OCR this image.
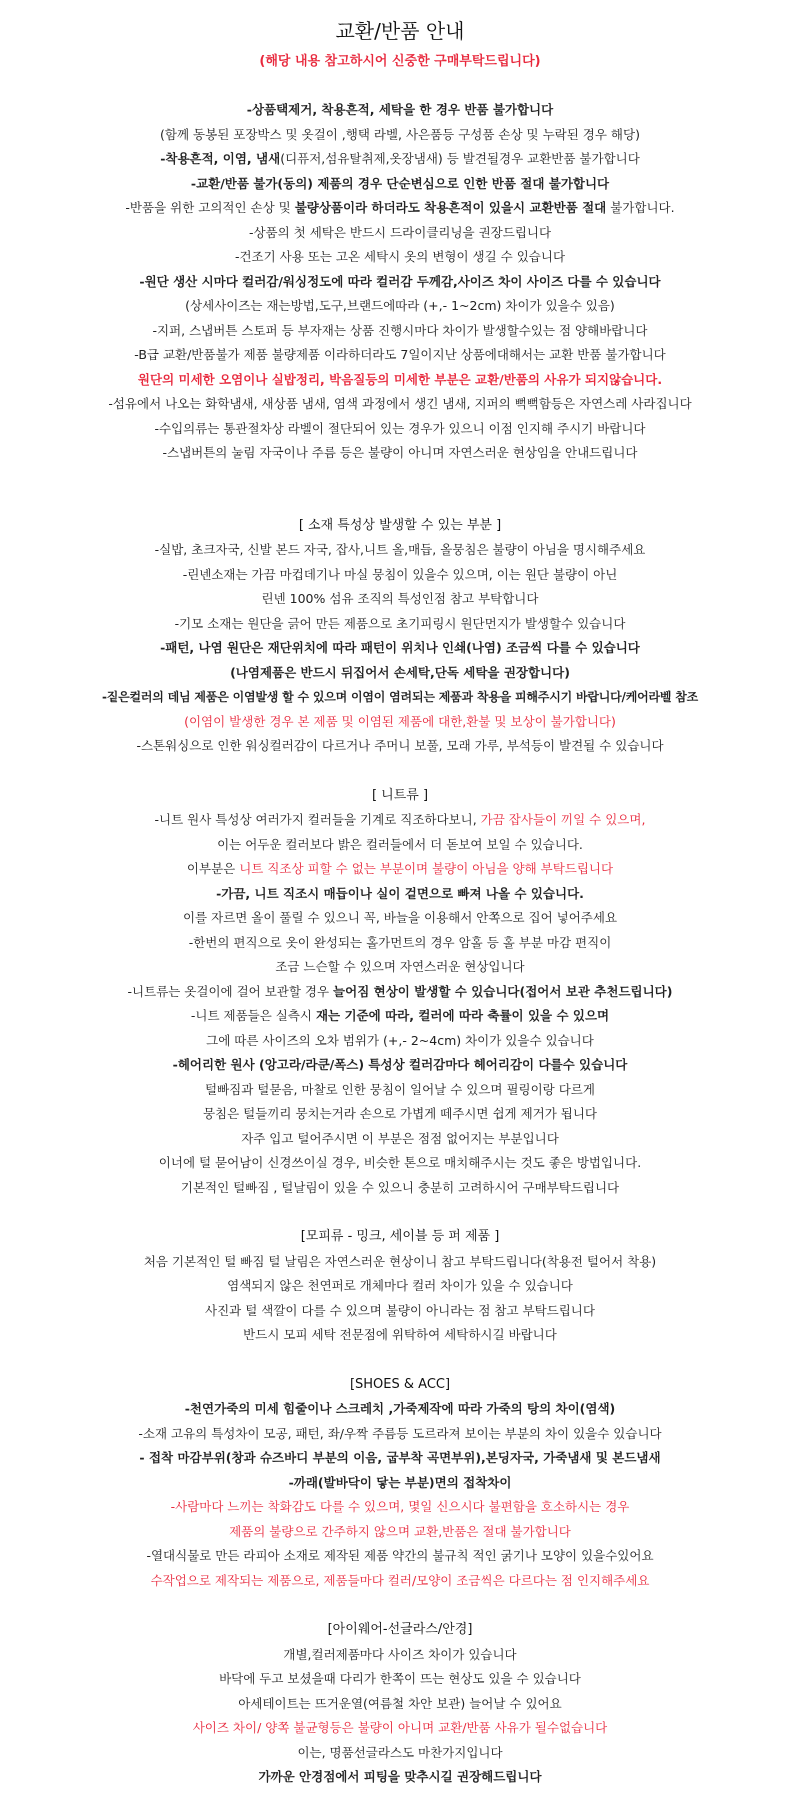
교환/반품 안내
(해당 내용 참고하시어 신중한 구매부탁드립니다)
-상품택제거, 착용흔적, 세탁을 한 경우 반품 불가합니다
(함께 동봉된 포장박스 및 옷걸이 ,행택 라벨, 사은품등 구성품 손상 및 누락된 경우 해당)
-착용흔적, 이염, 냄새(디퓨저,섬유탈취제,옷장냄새) 등 발견될경우 교환반품 불가합니다
-교환/반품 불가(동의) 제품의 경우 단순변심으로 인한 반품 절대 불가합니다
-반품을 위한 고의적인 손상 및 불량상품이라 하더라도 착용흔적이 있을시 교환반품 절대 불가합니다.
-상품의 첫 세탁은 반드시 드라이클리닝을 권장드립니다
-건조기 사용 또는 고온 세탁시 옷의 변형이 생길 수 있습니다
-원단 생산 시마다 컬러감/워싱정도에 따라 컬러감 두께감,사이즈 차이 사이즈 다를 수 있습니다
(상세사이즈는 재는방법,도구,브랜드에따라 (+,- 1~2cm) 차이가 있을수 있음)
-지퍼, 스냅버튼 스토퍼 등 부자재는 상품 진행시마다 차이가 발생할수있는 점 양해바랍니다
-B급 교환/반품불가 제품 불량제품 이라하더라도 7일이지난 상품에대해서는 교환 반품 불가합니다
원단의 미세한 오염이나 실밥정리, 박음질등의 미세한 부분은 교환/반품의 사유가 되지않습니다.
-섬유에서 나오는 화학냄새, 새상품 냄새, 염색 과정에서 생긴 냄새, 지퍼의 뻑뻑함등은 자연스레 사라집니다
-수입의류는 통관절차상 라벨이 절단되어 있는 경우가 있으니 이점 인지해 주시기 바랍니다
-스냅버튼의 눌림 자국이나 주름 등은 불량이 아니며 자연스러운 현상임을 안내드립니다
[ 소재 특성상 발생할 수 있는 부분 ]
-실밥, 초크자국, 신발 본드 자국, 잡사,니트 올,매듭, 올뭉침은 불량이 아님을 명시해주세요
-린넨소재는 가끔 마컵데기나 마실 뭉침이 있을수 있으며, 이는 원단 불량이 아닌
린넨 100% 섬유 조직의 특성인점 참고 부탁합니다
-기모 소재는 원단을 긁어 만든 제품으로 초기피링시 원단먼지가 발생할수 있습니다
-패턴, 나염 원단은 재단위치에 따라 패턴이 위치나 인쇄(나염) 조금씩 다를 수 있습니다
(나염제품은 반드시 뒤집어서 손세탁,단독 세탁을 권장합니다)
-짙은컬러의 데님 제품은 이염발생 할 수 있으며 이염이 염려되는 제품과 착용을 피해주시기 바랍니다/케어라벨 참조
(이염이 발생한 경우 본 제품 및 이염된 제품에 대한,환불 및 보상이 불가합니다)
-스톤워싱으로 인한 워싱컬러감이 다르거나 주머니 보풀, 모래 가루, 부석등이 발견될 수 있습니다
[ 니트류 ]
-니트 원사 특성상 여러가지 컬러들을 기계로 직조하다보니, 가끔 잡사들이 끼일 수 있으며,
이는 어두운 컬러보다 밝은 컬러들에서 더 돋보여 보일 수 있습니다.
이부분은 니트 직조상 피할 수 없는 부분이며 불량이 아님을 양해 부탁드립니다
-가끔, 니트 직조시 매듭이나 실이 겉면으로 빠져 나올 수 있습니다.
이를 자르면 올이 풀릴 수 있으니 꼭, 바늘을 이용해서 안쪽으로 집어 넣어주세요
-한번의 편직으로 옷이 완성되는 홀가먼트의 경우 암홀 등 홀 부분 마감 편직이
조금 느슨할 수 있으며 자연스러운 현상입니다
-니트류는 옷걸이에 걸어 보관할 경우 늘어짐 현상이 발생할 수 있습니다(접어서 보관 추천드립니다)
-니트 제품들은 실측시 재는 기준에 따라, 컬러에 따라 축률이 있을 수 있으며
그에 따른 사이즈의 오차 범위가 (+,- 2~4cm) 차이가 있을수 있습니다
-헤어리한 원사 (앙고라/라쿤/폭스) 특성상 컬러감마다 헤어리감이 다를수 있습니다
털빠짐과 털묻음, 마찰로 인한 뭉침이 일어날 수 있으며 필링이랑 다르게
뭉침은 털들끼리 뭉치는거라 손으로 가볍게 떼주시면 쉽게 제거가 됩니다
자주 입고 털어주시면 이 부분은 점점 없어지는 부분입니다
이너에 털 묻어남이 신경쓰이실 경우, 비슷한 톤으로 매치해주시는 것도 좋은 방법입니다.
기본적인 털빠짐 , 털날림이 있을 수 있으니 충분히 고려하시어 구매부탁드립니다
[모피류 - 밍크, 세이블 등 퍼 제품 ]
처음 기본적인 털 빠짐 털 날림은 자연스러운 현상이니 참고 부탁드립니다(착용전 털어서 착용)
염색되지 않은 천연퍼로 개체마다 컬러 차이가 있을 수 있습니다
사진과 털 색깔이 다를 수 있으며 불량이 아니라는 점 참고 부탁드립니다
반드시 모피 세탁 전문점에 위탁하여 세탁하시길 바랍니다
[SHOES & ACC]
-천연가죽의 미세 힘줄이나 스크레치 ,가죽제작에 따라 가죽의 탕의 차이(염색)
-소재 고유의 특성차이 모공, 패턴, 좌/우짝 주름등 도르라져 보이는 부분의 차이 있을수 있습니다
- 접착 마감부위(창과 슈즈바디 부분의 이음, 굽부착 곡면부위),본딩자국, 가죽냄새 및 본드냄새
-까래(발바닥이 닿는 부분)면의 접착차이
-사람마다 느끼는 착화감도 다를 수 있으며, 몇일 신으시다 불편함을 호소하시는 경우
제품의 불량으로 간주하지 않으며 교환,반품은 절대 불가합니다
-열대식물로 만든 라피아 소재로 제작된 제품 약간의 불규칙 적인 굵기나 모양이 있을수있어요
수작업으로 제작되는 제품으로, 제품들마다 컬러/모양이 조금씩은 다르다는 점 인지해주세요
[아이웨어-선글라스/안경]
개별,컬러제품마다 사이즈 차이가 있습니다
바닥에 두고 보셨을때 다리가 한쪽이 뜨는 현상도 있을 수 있습니다
아세테이트는 뜨거운열(여름철 차안 보관) 늘어날 수 있어요
사이즈 차이/ 양쪽 불균형등은 불량이 아니며 교환/반품 사유가 될수없습니다
이는, 명품선글라스도 마찬가지입니다
가까운 안경점에서 피팅을 맞추시길 권장해드립니다
